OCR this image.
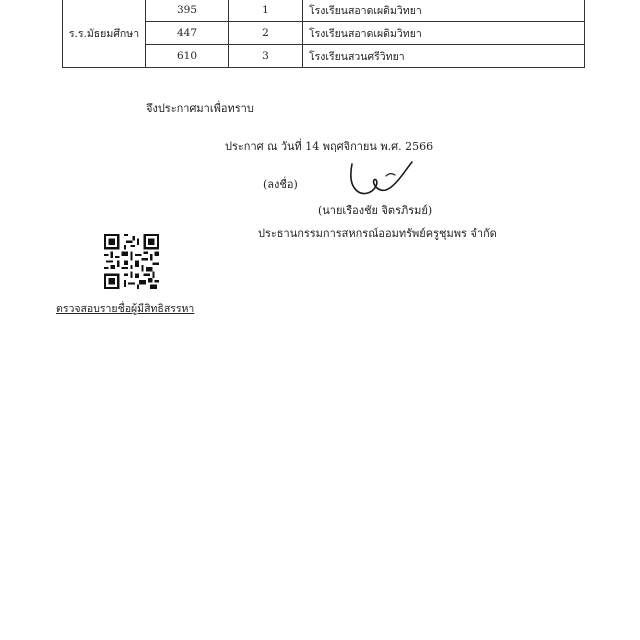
ร.ร.มัธยมศึกษา	395	1	โรงเรียนสอาดเผดิมวิทยา
	447	2	โรงเรียนสอาดเผดิมวิทยา
	610	3	โรงเรียนสวนศรีวิทยา
จึงประกาศมาเพื่อทราบ
ประกาศ ณ วันที่ 14 พฤศจิกายน พ.ศ. 2566
(ลงชื่อ)
(นายเรืองชัย จิตรภิรมย์)
ประธานกรรมการสหกรณ์ออมทรัพย์ครูชุมพร จำกัด
ตรวจสอบรายชื่อผู้มีสิทธิสรรหา
